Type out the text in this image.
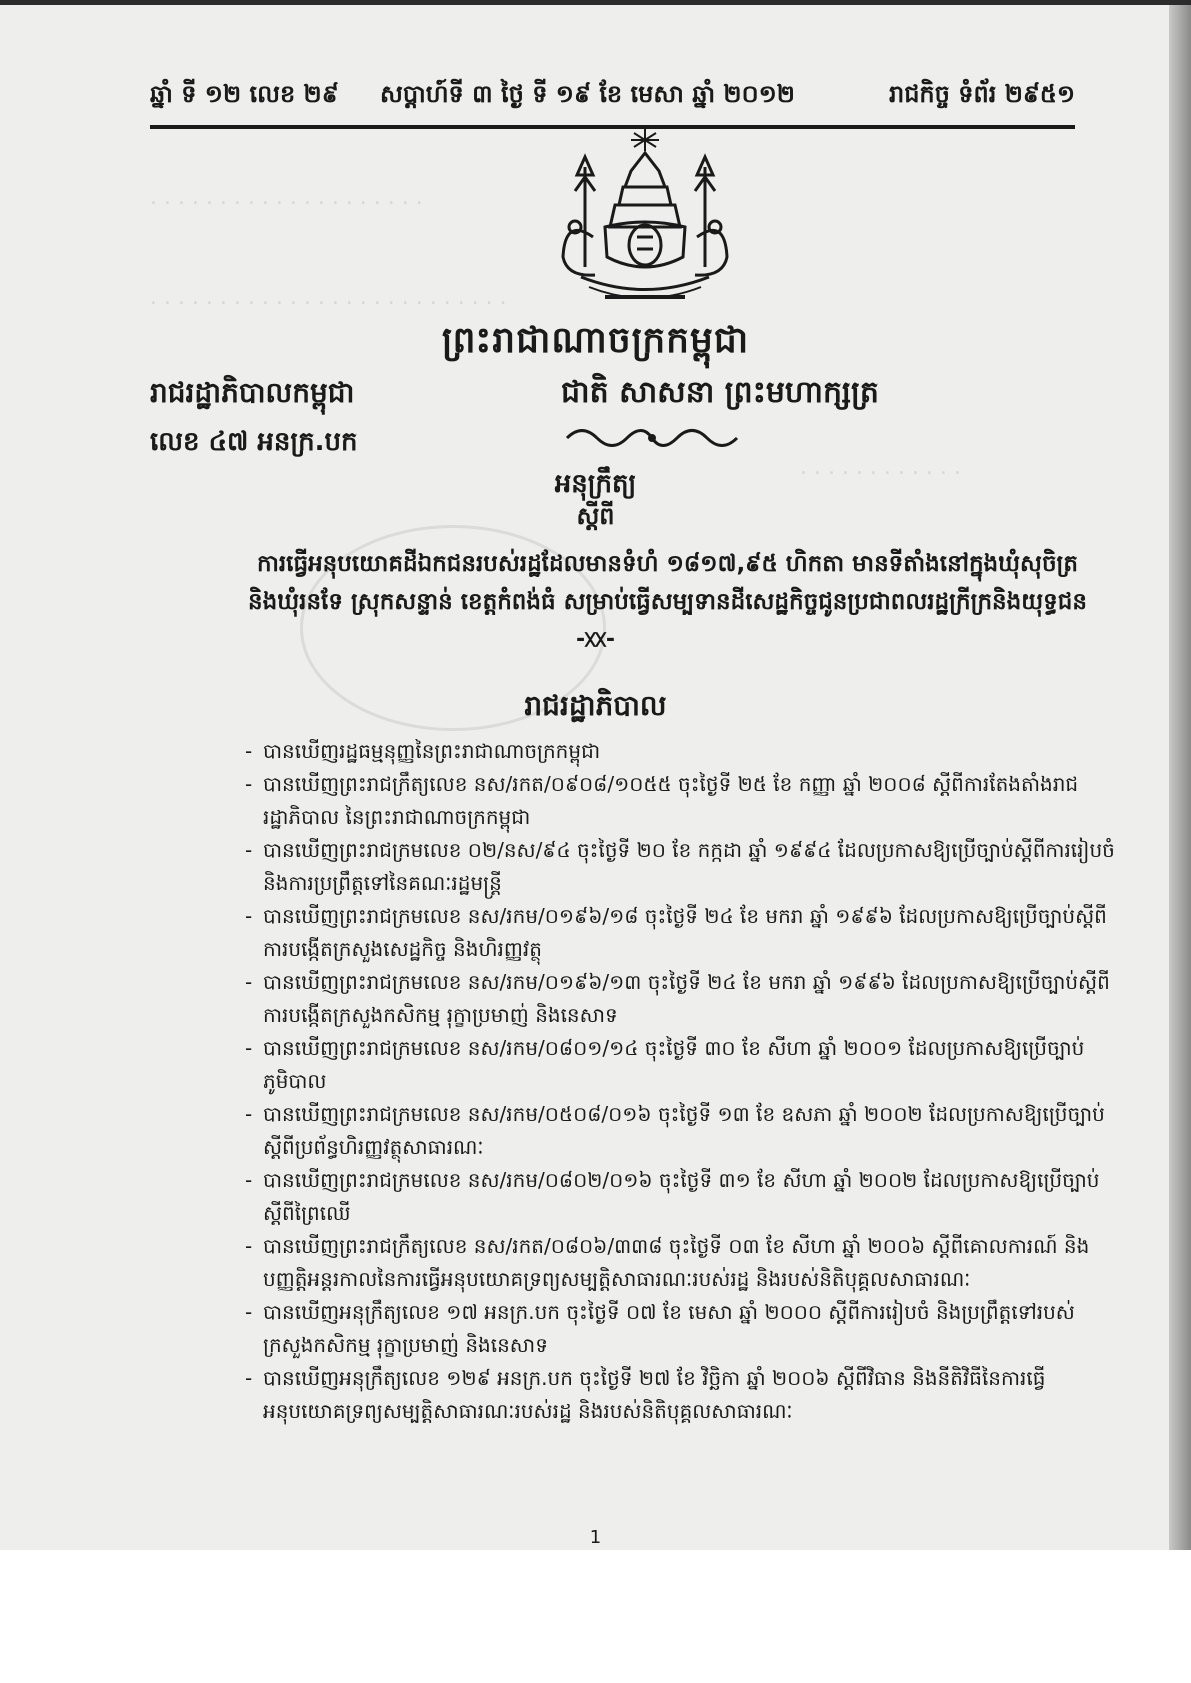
. . . . . . . . . . . . . . . . . . . .
. . . . . . . . . . . . . . . . . . . . . . . . . .
. . . . . . . . . . . .
ឆ្នាំ ទី ១២ លេខ ២៩ សប្តាហ៍ទី ៣ ថ្ងៃ ទី ១៩ ខែ មេសា ឆ្នាំ ២០១២	រាជកិច្ច ទំព័រ ២៩៥១
ព្រះរាជាណាចក្រកម្ពុជា
រាជរដ្ឋាភិបាលកម្ពុជា	ជាតិ សាសនា ព្រះមហាក្សត្រ
លេខ ៤៧ អនក្រ.បក
អនុក្រឹត្យ
ស្តីពី
ការធ្វើអនុបយោគដីឯកជនរបស់រដ្ឋដែលមានទំហំ ១៨១៧,៩៥ ហិកតា មានទីតាំងនៅក្នុងឃុំសុចិត្រ និងឃុំរនទែ ស្រុកសន្ទាន់ ខេត្តកំពង់ធំ សម្រាប់ធ្វើសម្បទានដីសេដ្ឋកិច្ចជូនប្រជាពលរដ្ឋក្រីក្រនិងយុទ្ធជន
-ᳵᳵ-
រាជរដ្ឋាភិបាល
- បានឃើញរដ្ឋធម្មនុញ្ញនៃព្រះរាជាណាចក្រកម្ពុជា
- បានឃើញព្រះរាជក្រឹត្យលេខ នស/រកត/០៩០៨/១០៥៥ ចុះថ្ងៃទី ២៥ ខែ កញ្ញា ឆ្នាំ ២០០៨ ស្តីពីការតែងតាំងរាជរដ្ឋាភិបាល នៃព្រះរាជាណាចក្រកម្ពុជា
- បានឃើញព្រះរាជក្រមលេខ ០២/នស/៩៤ ចុះថ្ងៃទី ២០ ខែ កក្កដា ឆ្នាំ ១៩៩៤ ដែលប្រកាសឱ្យប្រើច្បាប់ស្តីពីការរៀបចំ និងការប្រព្រឹត្តទៅនៃគណៈរដ្ឋមន្ត្រី
- បានឃើញព្រះរាជក្រមលេខ នស/រកម/០១៩៦/១៨ ចុះថ្ងៃទី ២៤ ខែ មករា ឆ្នាំ ១៩៩៦ ដែលប្រកាសឱ្យប្រើច្បាប់ស្តីពីការបង្កើតក្រសួងសេដ្ឋកិច្ច និងហិរញ្ញវត្ថុ
- បានឃើញព្រះរាជក្រមលេខ នស/រកម/០១៩៦/១៣ ចុះថ្ងៃទី ២៤ ខែ មករា ឆ្នាំ ១៩៩៦ ដែលប្រកាសឱ្យប្រើច្បាប់ស្តីពីការបង្កើតក្រសួងកសិកម្ម រុក្ខាប្រមាញ់ និងនេសាទ
- បានឃើញព្រះរាជក្រមលេខ នស/រកម/០៨០១/១៤ ចុះថ្ងៃទី ៣០ ខែ សីហា ឆ្នាំ ២០០១ ដែលប្រកាសឱ្យប្រើច្បាប់ភូមិបាល
- បានឃើញព្រះរាជក្រមលេខ នស/រកម/០៥០៨/០១៦ ចុះថ្ងៃទី ១៣ ខែ ឧសភា ឆ្នាំ ២០០២ ដែលប្រកាសឱ្យប្រើច្បាប់ស្តីពីប្រព័ន្ធហិរញ្ញវត្ថុសាធារណៈ
- បានឃើញព្រះរាជក្រមលេខ នស/រកម/០៨០២/០១៦ ចុះថ្ងៃទី ៣១ ខែ សីហា ឆ្នាំ ២០០២ ដែលប្រកាសឱ្យប្រើច្បាប់ស្តីពីព្រៃឈើ
- បានឃើញព្រះរាជក្រឹត្យលេខ នស/រកត/០៨០៦/៣៣៨ ចុះថ្ងៃទី ០៣ ខែ សីហា ឆ្នាំ ២០០៦ ស្តីពីគោលការណ៍ និងបញ្ញត្តិអន្តរកាលនៃការធ្វើអនុបយោគទ្រព្យសម្បត្តិសាធារណៈរបស់រដ្ឋ និងរបស់និតិបុគ្គលសាធារណៈ
- បានឃើញអនុក្រឹត្យលេខ ១៧ អនក្រ.បក ចុះថ្ងៃទី ០៧ ខែ មេសា ឆ្នាំ ២០០០ ស្តីពីការរៀបចំ និងប្រព្រឹត្តទៅរបស់ក្រសួងកសិកម្ម រុក្ខាប្រមាញ់ និងនេសាទ
- បានឃើញអនុក្រឹត្យលេខ ១២៩ អនក្រ.បក ចុះថ្ងៃទី ២៧ ខែ វិច្ឆិកា ឆ្នាំ ២០០៦ ស្តីពីវិធាន និងនីតិវិធីនៃការធ្វើអនុបយោគទ្រព្យសម្បត្តិសាធារណៈរបស់រដ្ឋ និងរបស់និតិបុគ្គលសាធារណៈ
1
